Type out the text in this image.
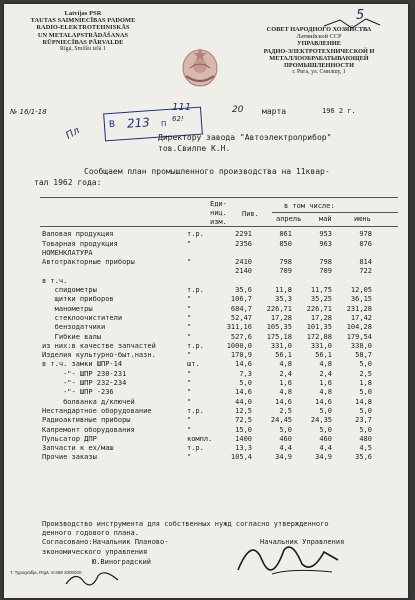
Latvijas PSR
TAUTAS SAIMNIECĪBAS PADOME
RADIO-ELEKTROTEHNISKĀS
UN METALAPSTRĀDĀŠANAS
RŪPNIECĪBAS PĀRVALDE
Rīgā, Smilšu ielā 1
СОВЕТ НАРОДНОГО ХОЗЯЙСТВА
Латвийской ССР
УПРАВЛЕНИЕ
РАДИО-ЭЛЕКТРОТЕХНИЧЕСКОЙ И
МЕТАЛЛООБРАБАТЫВАЮЩЕЙ
ПРОМЫШЛЕННОСТИ
г. Рига, ул. Смилшу, 1
5
№ 16/1-18
В 213 П
111
62!
Пл
20 марта	196 2 г.
Директору завода "Автоэлектроприбор"
тов.Свилпе К.Н.
Сообщаем план промышленного производства на 11квар-
тал 1962 года:
Еди-
ниц.
изм.
Пив.
в том числе:
апрель	май	июнь
Валовая продукция	т.р.	2291	861	953	978
Товарная продукция	"	2356	850	963	876
НОМЕНКЛАТУРА					
Автотракторные приборы	"	2410	798	798	814
		2140	709	709	722
в т.ч.					
спидометры	т.р.	35,6	11,8	11,75	12,05
щитки приборов	"	106,7	35,3	35,25	36,15
манометры	"	684,7	226,71	226,71	231,28
стеклоочистители	"	52,47	17,28	17,28	17,42
бензодатчики	"	311,16	105,35	101,35	104,28
Гибкие валы	"	527,6	175,18	172,88	179,54
из них:в качестве запчастей	т.р.	1000,0	331,0	331,0	338,0
Изделия культурно-быт.назн.	"	170,9	56,1	56,1	58,7
в т.ч. замки ШПР-14	шт.	14,6	4,8	4,8	5,0
-"- ШПР 230-231	"	7,3	2,4	2,4	2,5
-"- ШПР 232-234	"	5,0	1,6	1,6	1,8
-"- ШПР -236	"	14,6	4,8	4,8	5,0
болванка д/ключей	"	44,0	14,6	14,6	14,8
Нестандартное оборудование	т.р.	12,5	2,5	5,0	5,0
Радиоактивные приборы	"	72,5	24,45	24,35	23,7
Капремонт оборудования	"	15,0	5,0	5,0	5,0
Пульсатор ДПР	компл.	1400	460	460	480
Запчасти к ех/маш	т.р.	13,3	4,4	4,4	4,5
Прочие заказы	"	105,4	34,9	34,9	35,6
Производство инструмента для собственных нужд согласно утвержденного
денного годового плана.
Согласовано:Начальник Планово-
экономического управления
Начальник Управления
Ю.Виноградский
T. Typografija, Rīgā. 8-269 2000000
